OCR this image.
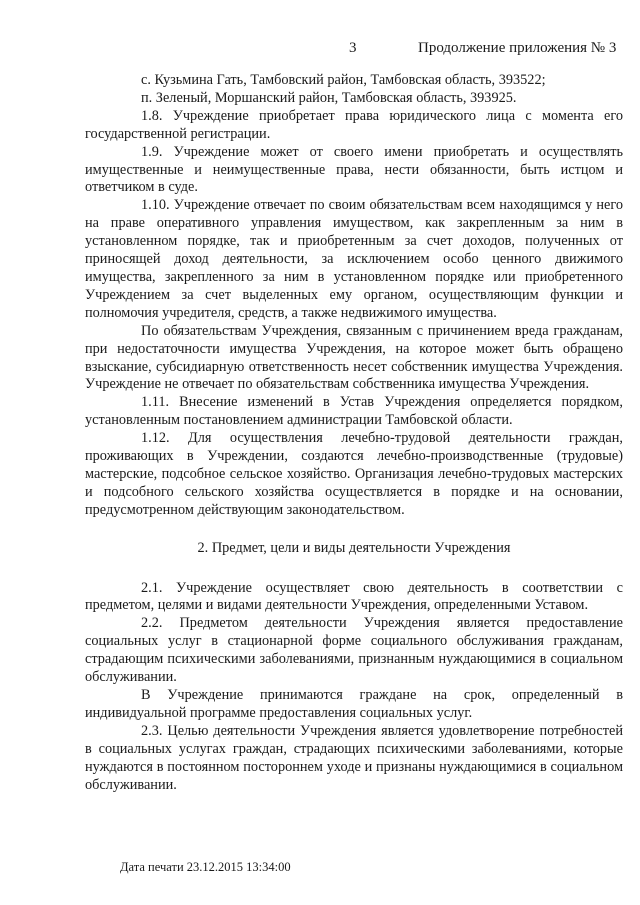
3	Продолжение приложения № 3

с. Кузьмина Гать, Тамбовский район, Тамбовская область, 393522;

п. Зеленый, Моршанский район, Тамбовская область, 393925.

1.8. Учреждение приобретает права юридического лица с момента его государственной регистрации.

1.9. Учреждение может от своего имени приобретать и осуществлять имущественные и неимущественные права, нести обязанности, быть истцом и ответчиком в суде.

1.10. Учреждение отвечает по своим обязательствам всем находящимся у него на праве оперативного управления имуществом, как закрепленным за ним в установленном порядке, так и приобретенным за счет доходов, полученных от приносящей доход деятельности, за исключением особо ценного движимого имущества, закрепленного за ним в установленном порядке или приобретенного Учреждением за счет выделенных ему органом, осуществляющим функции и полномочия учредителя, средств, а также недвижимого имущества.

По обязательствам Учреждения, связанным с причинением вреда гражданам, при недостаточности имущества Учреждения, на которое может быть обращено взыскание, субсидиарную ответственность несет собственник имущества Учреждения. Учреждение не отвечает по обязательствам собственника имущества Учреждения.

1.11. Внесение изменений в Устав Учреждения определяется порядком, установленным постановлением администрации Тамбовской области.

1.12. Для осуществления лечебно-трудовой деятельности граждан, проживающих в Учреждении, создаются лечебно-производственные (трудовые) мастерские, подсобное сельское хозяйство. Организация лечебно-трудовых мастерских и подсобного сельского хозяйства осуществляется в порядке и на основании, предусмотренном действующим законодательством.

2. Предмет, цели и виды деятельности Учреждения

2.1. Учреждение осуществляет свою деятельность в соответствии с предметом, целями и видами деятельности Учреждения, определенными Уставом.

2.2. Предметом деятельности Учреждения является предоставление социальных услуг в стационарной форме социального обслуживания гражданам, страдающим психическими заболеваниями, признанным нуждающимися в социальном обслуживании.

В Учреждение принимаются граждане на срок, определенный в индивидуальной программе предоставления социальных услуг.

2.3. Целью деятельности Учреждения является удовлетворение потребностей в социальных услугах граждан, страдающих психическими заболеваниями, которые нуждаются в постоянном постороннем уходе и признаны нуждающимися в социальном обслуживании.

Дата печати 23.12.2015 13:34:00
